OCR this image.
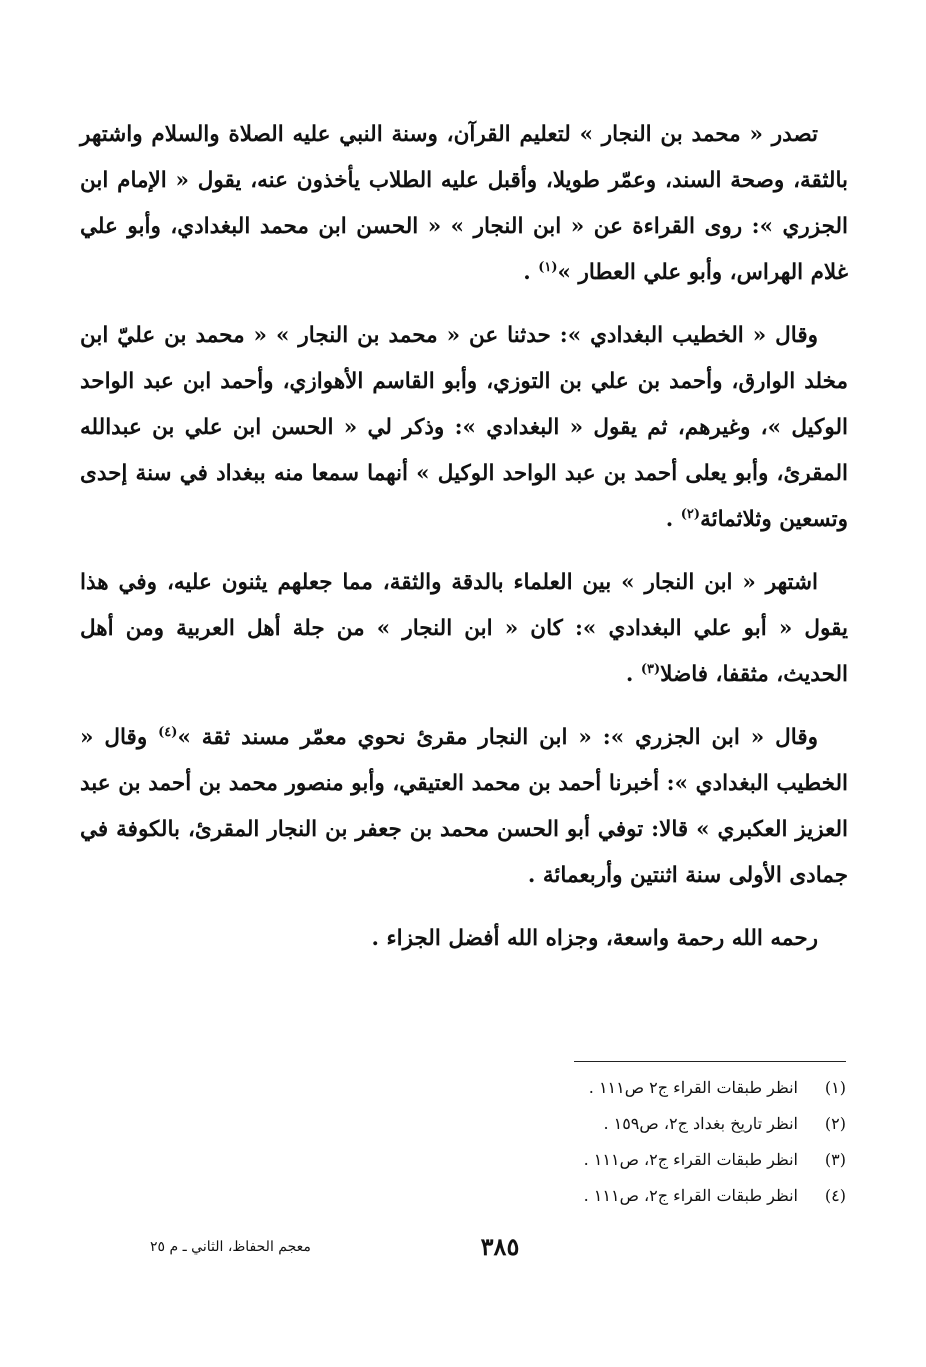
تصدر « محمد بن النجار » لتعليم القرآن، وسنة النبي عليه الصلاة والسلام واشتهر بالثقة، وصحة السند، وعمّر طويلا، وأقبل عليه الطلاب يأخذون عنه، يقول « الإمام ابن الجزري »: روى القراءة عن « ابن النجار » « الحسن ابن محمد البغدادي، وأبو علي غلام الهراس، وأبو علي العطار »$^{(١)}$ .

وقال « الخطيب البغدادي »: حدثنا عن « محمد بن النجار » « محمد بن عليّ ابن مخلد الوارق، وأحمد بن علي بن التوزي، وأبو القاسم الأهوازي، وأحمد ابن عبد الواحد الوكيل »، وغيرهم، ثم يقول « البغدادي »: وذكر لي « الحسن ابن علي بن عبدالله المقرئ، وأبو يعلى أحمد بن عبد الواحد الوكيل » أنهما سمعا منه ببغداد في سنة إحدى وتسعين وثلاثمائة$^{(٢)}$ .

اشتهر « ابن النجار » بين العلماء بالدقة والثقة، مما جعلهم يثنون عليه، وفي هذا يقول « أبو علي البغدادي »: كان « ابن النجار » من جلة أهل العربية ومن أهل الحديث، مثقفا، فاضلا$^{(٣)}$ .

وقال « ابن الجزري »: « ابن النجار مقرئ نحوي معمّر مسند ثقة »$^{(٤)}$ وقال « الخطيب البغدادي »: أخبرنا أحمد بن محمد العتيقي، وأبو منصور محمد بن أحمد بن عبد العزيز العكبري » قالا: توفي أبو الحسن محمد بن جعفر بن النجار المقرئ، بالكوفة في جمادى الأولى سنة اثنتين وأربعمائة .

رحمه الله رحمة واسعة، وجزاه الله أفضل الجزاء .

(١)انظر طبقات القراء ج٢ ص١١١ .
(٢)انظر تاريخ بغداد ج٢، ص١٥٩ .
(٣)انظر طبقات القراء ج٢، ص١١١ .
(٤)انظر طبقات القراء ج٢، ص١١١ .
٣٨٥
معجم الحفاظ، الثاني ـ م ٢٥
